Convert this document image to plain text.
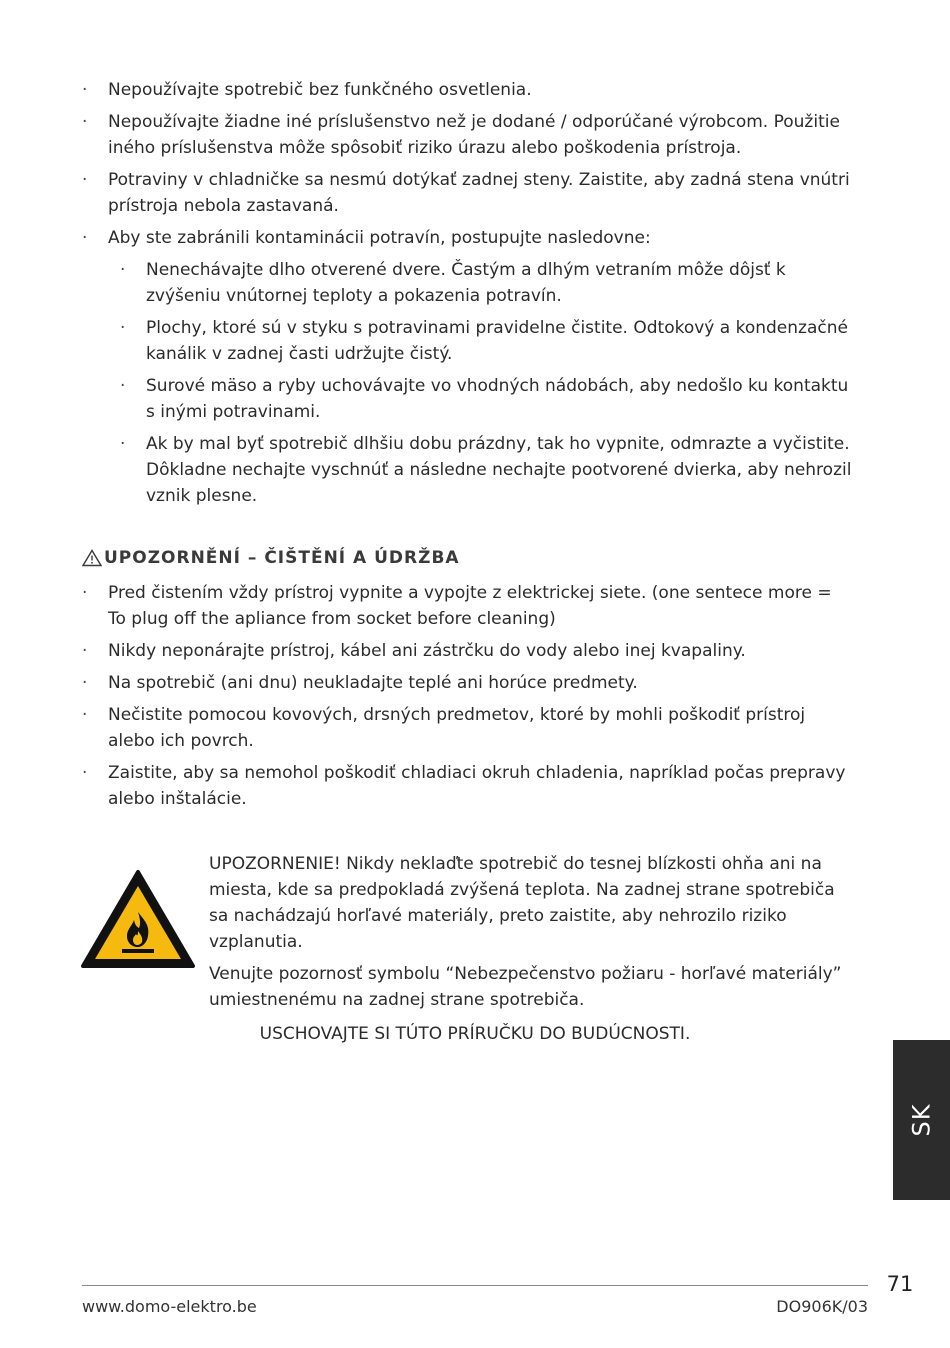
· Nepoužívajte spotrebič bez funkčného osvetlenia.
· Nepoužívajte žiadne iné príslušenstvo než je dodané / odporúčané výrobcom. Použitie iného príslušenstva môže spôsobiť riziko úrazu alebo poškodenia prístroja.
· Potraviny v chladničke sa nesmú dotýkať zadnej steny. Zaistite, aby zadná stena vnútri prístroja nebola zastavaná.
· Aby ste zabránili kontaminácii potravín, postupujte nasledovne:
· Nenechávajte dlho otverené dvere. Častým a dlhým vetraním môže dôjsť k zvýšeniu vnútornej teploty a pokazenia potravín.
· Plochy, ktoré sú v styku s potravinami pravidelne čistite. Odtokový a kondenzačné kanálik v zadnej časti udržujte čistý.
· Surové mäso a ryby uchovávajte vo vhodných nádobách, aby nedošlo ku kontaktu s inými potravinami.
· Ak by mal byť spotrebič dlhšiu dobu prázdny, tak ho vypnite, odmrazte a vyčistite. Dôkladne nechajte vyschnúť a následne nechajte pootvorené dvierka, aby nehrozil vznik plesne.
UPOZORNĚNÍ – ČIŠTĚNÍ A ÚDRŽBA
· Pred čistením vždy prístroj vypnite a vypojte z elektrickej siete. (one sentece more = To plug off the apliance from socket before cleaning)
· Nikdy neponárajte prístroj, kábel ani zástrčku do vody alebo inej kvapaliny.
· Na spotrebič (ani dnu) neukladajte teplé ani horúce predmety.
· Nečistite pomocou kovových, drsných predmetov, ktoré by mohli poškodiť prístroj alebo ich povrch.
· Zaistite, aby sa nemohol poškodiť chladiaci okruh chladenia, napríklad počas prepravy alebo inštalácie.

UPOZORNENIE! Nikdy neklaďte spotrebič do tesnej blízkosti ohňa ani na miesta, kde sa predpokladá zvýšená teplota. Na zadnej strane spotrebiča sa nachádzajú horľavé materiály, preto zaistite, aby nehrozilo riziko vzplanutia.

Venujte pozornosť symbolu “Nebezpečenstvo požiaru - horľavé materiály” umiestnenému na zadnej strane spotrebiča.

USCHOVAJTE SI TÚTO PRÍRUČKU DO BUDÚCNOSTI.
SK
71
www.domo-elektro.be	DO906K/03
